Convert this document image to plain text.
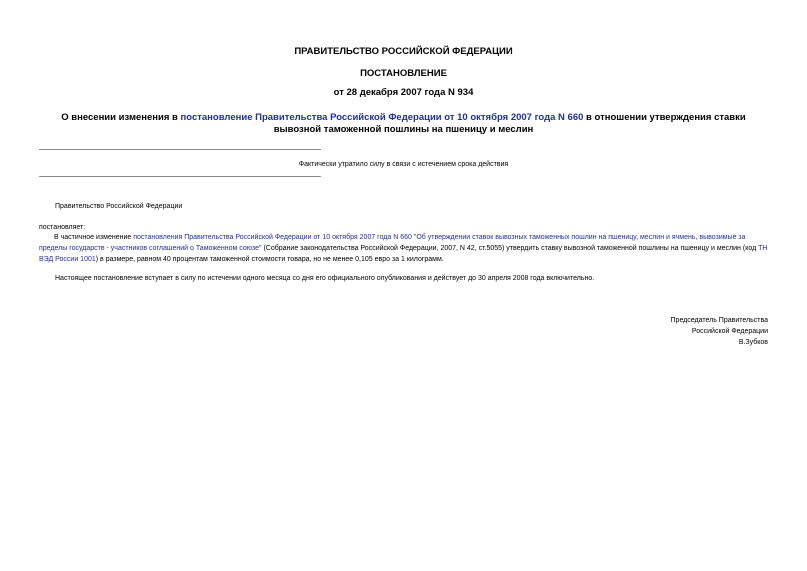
ПРАВИТЕЛЬСТВО РОССИЙСКОЙ ФЕДЕРАЦИИ
ПОСТАНОВЛЕНИЕ
от 28 декабря 2007 года N 934
О внесении изменения в постановление Правительства Российской Федерации от 10 октября 2007 года N 660 в отношении утверждения ставки вывозной таможенной пошлины на пшеницу и меслин
Фактически утратило силу в связи с истечением срока действия
Правительство Российской Федерации
постановляет:
В частичное изменение постановления Правительства Российской Федерации от 10 октября 2007 года N 660 "Об утверждении ставок вывозных таможенных пошлин на пшеницу, меслин и ячмень, вывозимые за пределы государств - участников соглашений о Таможенном союзе" (Собрание законодательства Российской Федерации, 2007, N 42, ст.5055) утвердить ставку вывозной таможенной пошлины на пшеницу и меслин (код ТН ВЭД России 1001) в размере, равном 40 процентам таможенной стоимости товара, но не менее 0,105 евро за 1 килограмм.
Настоящее постановление вступает в силу по истечении одного месяца со дня его официального опубликования и действует до 30 апреля 2008 года включительно.
Председатель Правительства
Российской Федерации
В.Зубков
